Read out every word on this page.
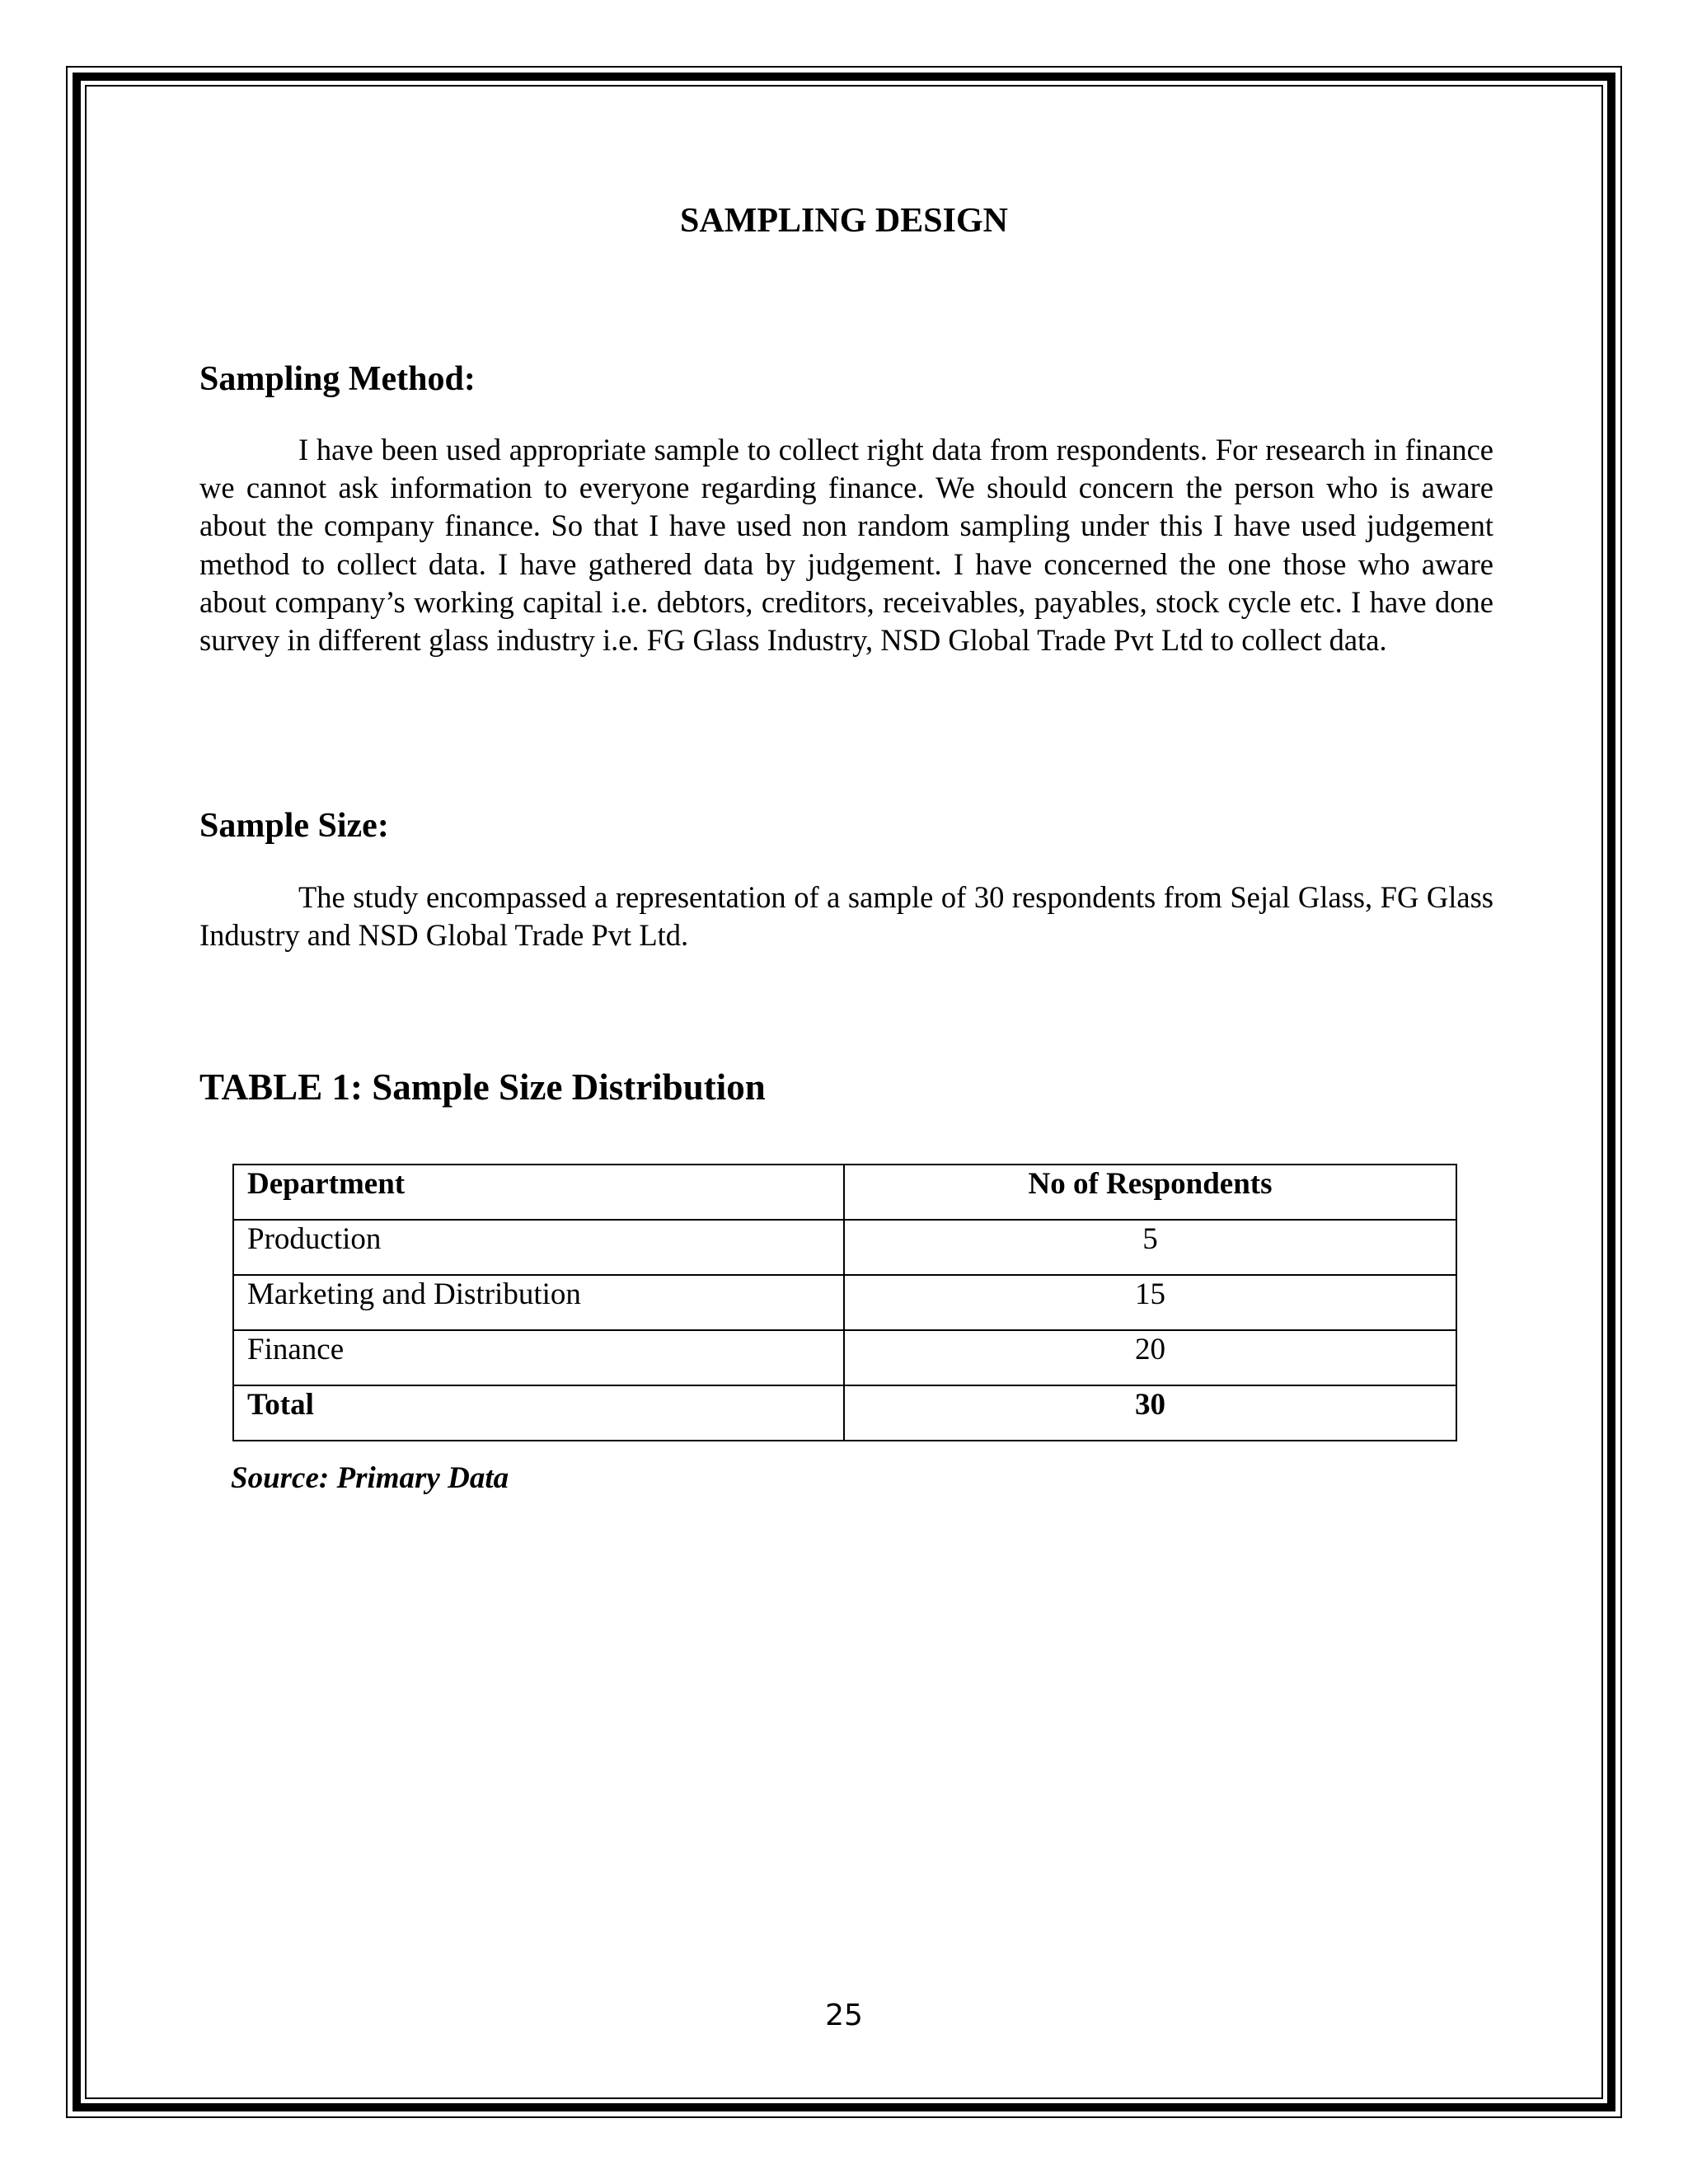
SAMPLING DESIGN
Sampling Method:

I have been used appropriate sample to collect right data from respondents. For research in finance we cannot ask information to everyone regarding finance. We should concern the person who is aware about the company finance. So that I have used non random sampling under this I have used judgement method to collect data. I have gathered data by judgement. I have concerned the one those who aware about company’s working capital i.e. debtors, creditors, receivables, payables, stock cycle etc. I have done survey in different glass industry i.e. FG Glass Industry, NSD Global Trade Pvt Ltd to collect data.

Sample Size:

The study encompassed a representation of a sample of 30 respondents from Sejal Glass, FG Glass Industry and NSD Global Trade Pvt Ltd.

TABLE 1: Sample Size Distribution
Department	No of Respondents
Production	5
Marketing and Distribution	15
Finance	20
Total	30

Source: Primary Data

25
